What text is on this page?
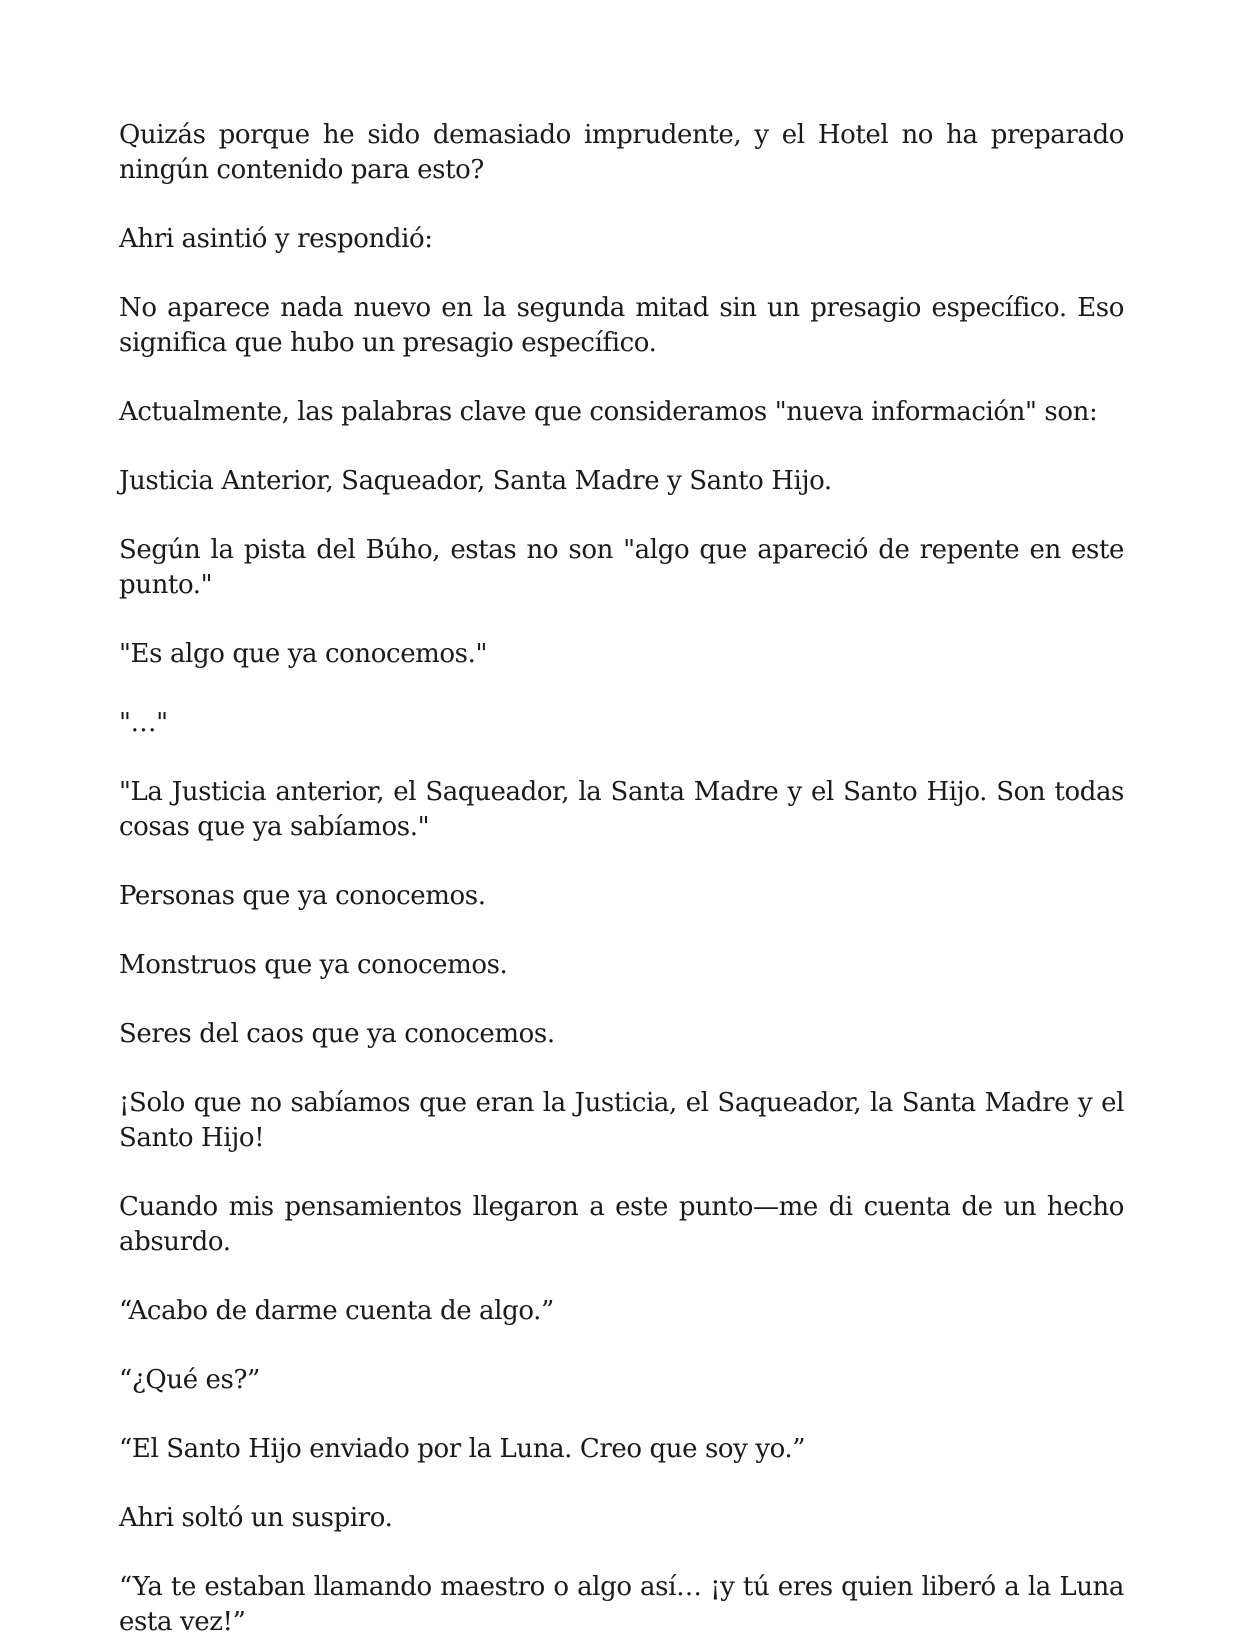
Quizás porque he sido demasiado imprudente, y el Hotel no ha preparado ningún contenido para esto?

Ahri asintió y respondió:

No aparece nada nuevo en la segunda mitad sin un presagio específico. Eso significa que hubo un presagio específico.

Actualmente, las palabras clave que consideramos "nueva información" son:

Justicia Anterior, Saqueador, Santa Madre y Santo Hijo.

Según la pista del Búho, estas no son "algo que apareció de repente en este punto."

"Es algo que ya conocemos."

"…"

"La Justicia anterior, el Saqueador, la Santa Madre y el Santo Hijo. Son todas cosas que ya sabíamos."

Personas que ya conocemos.

Monstruos que ya conocemos.

Seres del caos que ya conocemos.

¡Solo que no sabíamos que eran la Justicia, el Saqueador, la Santa Madre y el Santo Hijo!

Cuando mis pensamientos llegaron a este punto—me di cuenta de un hecho absurdo.

“Acabo de darme cuenta de algo.”

“¿Qué es?”

“El Santo Hijo enviado por la Luna. Creo que soy yo.”

Ahri soltó un suspiro.

“Ya te estaban llamando maestro o algo así… ¡y tú eres quien liberó a la Luna esta vez!”
